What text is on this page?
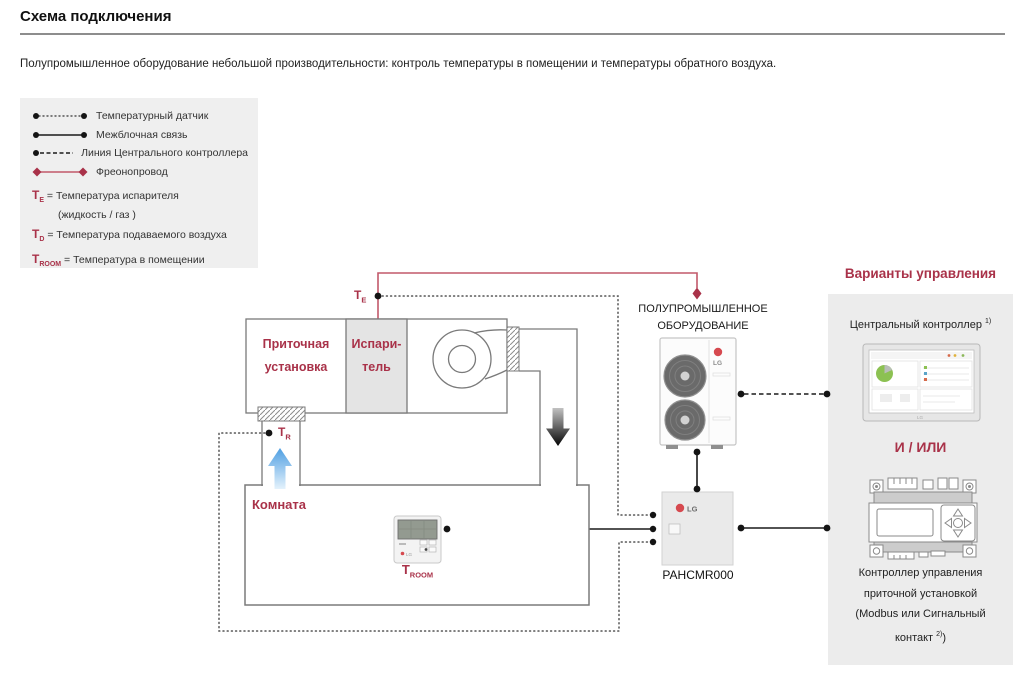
LG
LG
LG
LG
Схема подключения
Полупромышленное оборудование небольшой производительности: контроль температуры в помещении и температуры обратного воздуха.
Температурный датчик
Межблочная связь
Линия Центрального контроллера
Фреонопровод
$T_E$ = Температура испарителя
(жидкость / газ )
$T_D$ = Температура подаваемого воздуха
$T_{ROOM}$ = Температура в помещении
Приточная
установка
Испари-
тель
$T_E$
$T_R$
Комната
$T_{ROOM}$
ПОЛУПРОМЫШЛЕННОЕ
ОБОРУДОВАНИЕ
PAHCMR000
Варианты управления
Центральный контроллер $^{1)}$
И / ИЛИ
Контроллер управления
приточной установкой
(Modbus или Сигнальный
контакт $^{2)}$)
